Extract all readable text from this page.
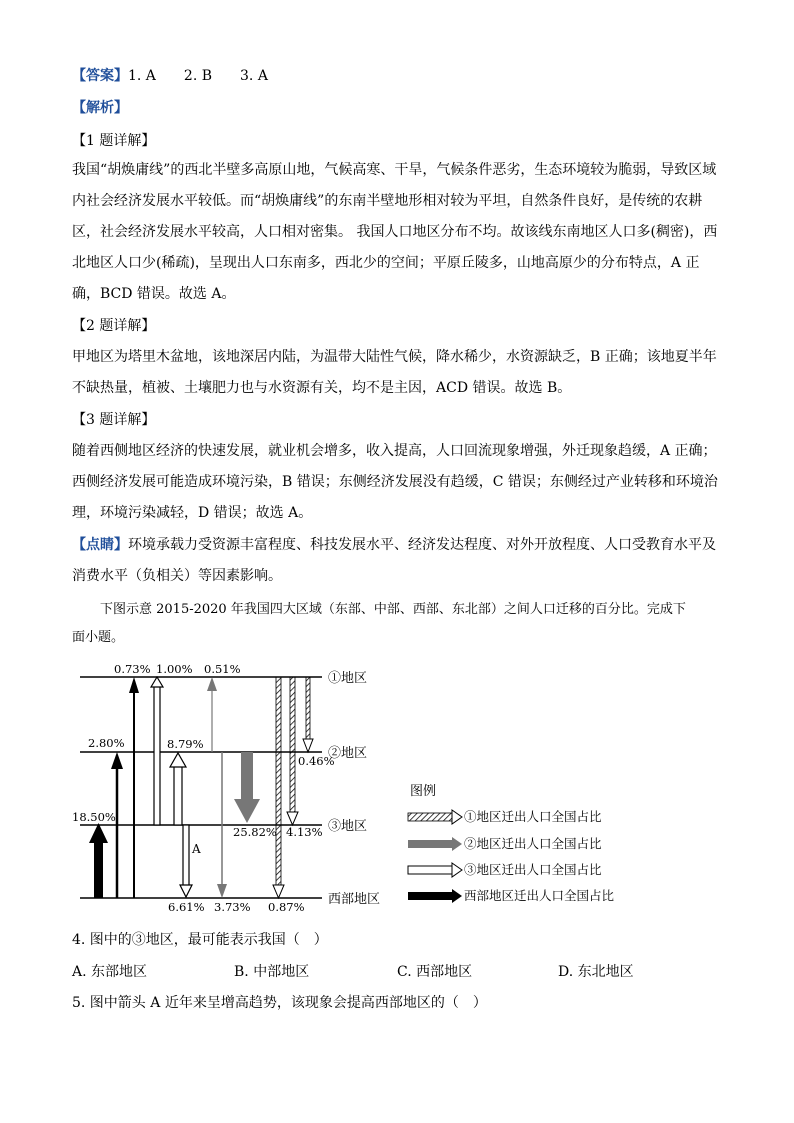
【答案】1. A　　2. B　　3. A
【解析】
【1 题详解】
我国“胡焕庸线”的西北半壁多高原山地，气候高寒、干旱，气候条件恶劣，生态环境较为脆弱，导致区域
内社会经济发展水平较低。而“胡焕庸线”的东南半壁地形相对较为平坦，自然条件良好，是传统的农耕
区，社会经济发展水平较高，人口相对密集。 我国人口地区分布不均。故该线东南地区人口多(稠密)，西
北地区人口少(稀疏)，呈现出人口东南多，西北少的空间；平原丘陵多，山地高原少的分布特点，A 正
确，BCD 错误。故选 A。
【2 题详解】
甲地区为塔里木盆地，该地深居内陆，为温带大陆性气候，降水稀少，水资源缺乏，B 正确；该地夏半年
不缺热量，植被、土壤肥力也与水资源有关，均不是主因，ACD 错误。故选 B。
【3 题详解】
随着西侧地区经济的快速发展，就业机会增多，收入提高，人口回流现象增强，外迁现象趋缓，A 正确；
西侧经济发展可能造成环境污染，B 错误；东侧经济发展没有趋缓，C 错误；东侧经过产业转移和环境治
理，环境污染减轻，D 错误；故选 A。
【点睛】环境承载力受资源丰富程度、科技发展水平、经济发达程度、对外开放程度、人口受教育水平及
消费水平（负相关）等因素影响。
下图示意 2015-2020 年我国四大区域（东部、中部、西部、东北部）之间人口迁移的百分比。完成下
面小题。
①地区
②地区
③地区
西部地区
A
0.73% 1.00% 0.51%
2.80%	8.79%
0.46%
18.50%
25.82% 4.13%
6.61% 3.73% 0.87%
图例
①地区迁出人口全国占比
②地区迁出人口全国占比
③地区迁出人口全国占比
西部地区迁出人口全国占比
4. 图中的③地区，最可能表示我国（　）
A. 东部地区	B. 中部地区	C. 西部地区	D. 东北地区
5. 图中箭头 A 近年来呈增高趋势，该现象会提高西部地区的（　）
